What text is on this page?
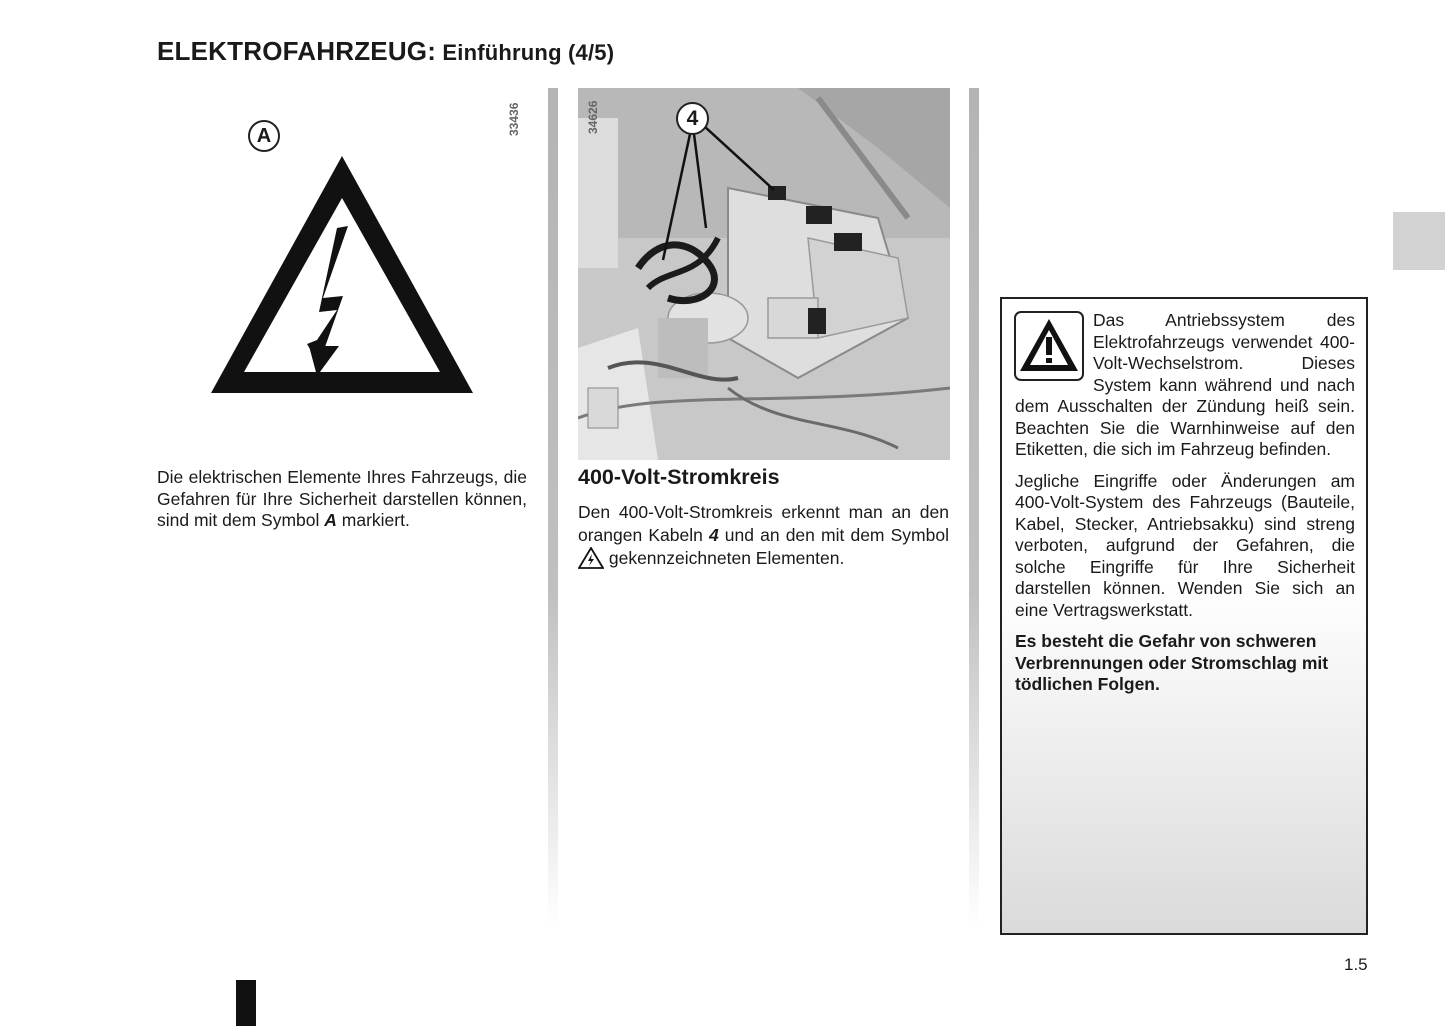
ELEKTROFAHRZEUG: Einführung (4/5)
33436
A

Die elektrischen Elemente Ihres Fahrzeugs, die Gefahren für Ihre Sicherheit darstellen können, sind mit dem Symbol A markiert.

34626	4
400-Volt-Stromkreis

Den 400-Volt-Stromkreis erkennt man an den orangen Kabeln 4 und an den mit dem Symbol  gekennzeichneten Elementen.

Das Antriebssystem des Elektrofahrzeugs verwendet 400-Volt-Wechselstrom. Dieses System kann während und nach dem Ausschalten der Zündung heiß sein. Beachten Sie die Warnhinweise auf den Etiketten, die sich im Fahrzeug befinden.

Jegliche Eingriffe oder Änderungen am 400-Volt-System des Fahrzeugs (Bauteile, Kabel, Stecker, Antriebsakku) sind streng verboten, aufgrund der Gefahren, die solche Eingriffe für Ihre Sicherheit darstellen können. Wenden Sie sich an eine Vertragswerkstatt.

Es besteht die Gefahr von schweren Verbrennungen oder Stromschlag mit tödlichen Folgen.

1.5
